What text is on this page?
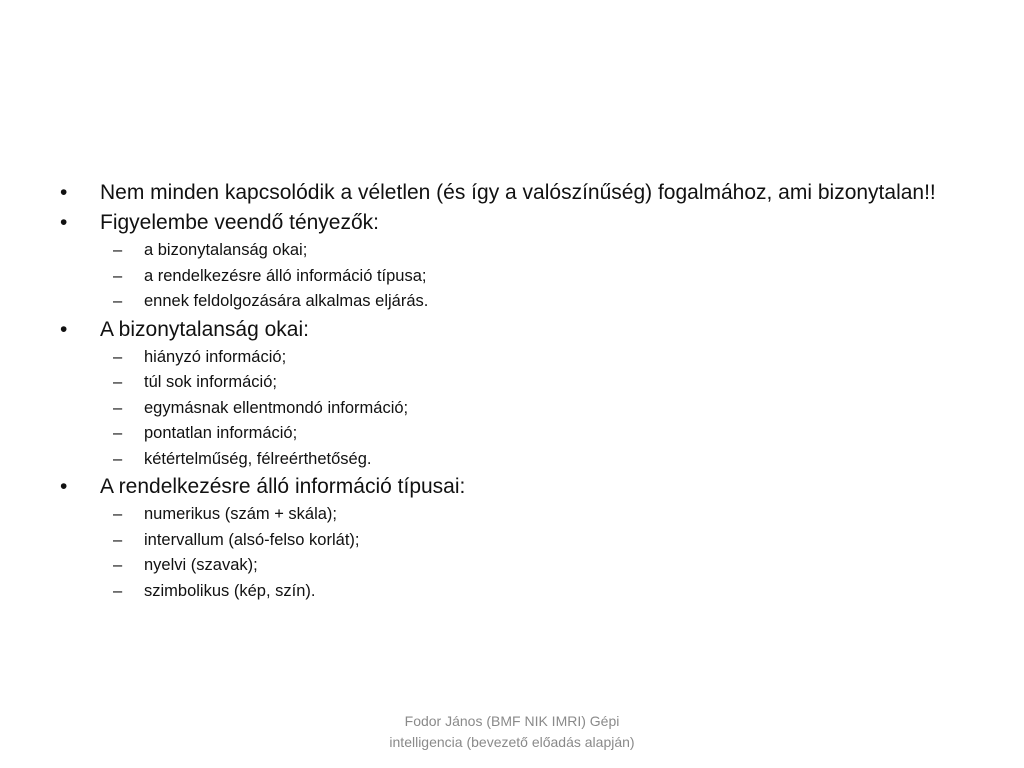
•	Nem minden kapcsolódik a véletlen (és így a valószínűség) fogalmához, ami bizonytalan!!
•	Figyelembe veendő tényezők:
– a bizonytalanság okai;
– a rendelkezésre álló információ típusa;
– ennek feldolgozására alkalmas eljárás.
•	A bizonytalanság okai:
– hiányzó információ;
– túl sok információ;
– egymásnak ellentmondó információ;
– pontatlan információ;
– kétértelműség, félreérthetőség.
•	A rendelkezésre álló információ típusai:
– numerikus (szám + skála);
– intervallum (alsó-felso korlát);
– nyelvi (szavak);
– szimbolikus (kép, szín).
Fodor János (BMF NIK IMRI) Gépi
intelligencia (bevezető előadás alapján)
